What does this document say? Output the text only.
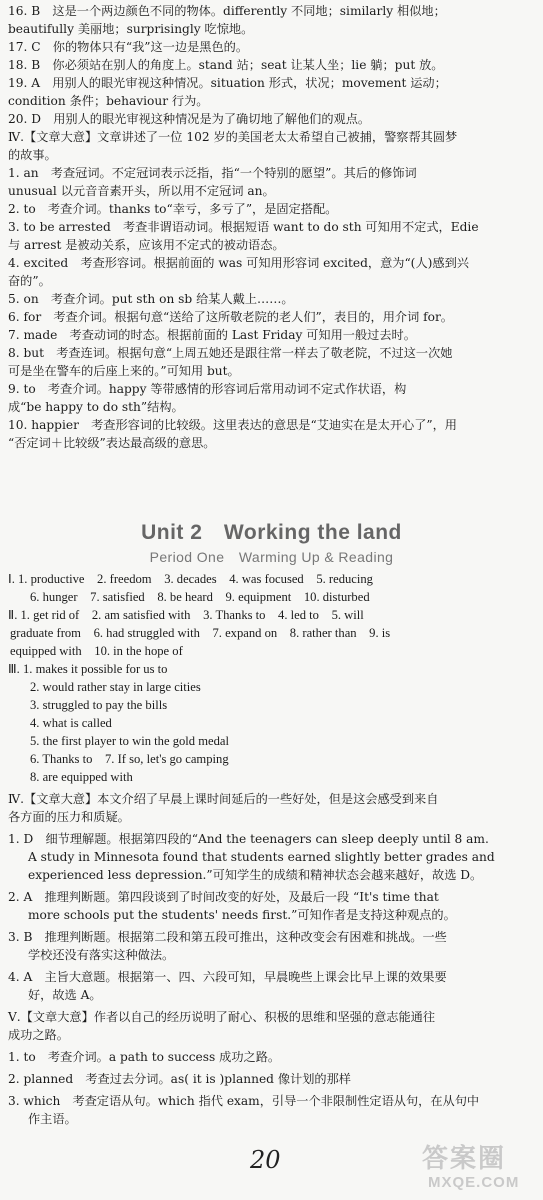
16. B　这是一个两边颜色不同的物体。differently 不同地；similarly 相似地；
beautifully 美丽地；surprisingly 吃惊地。
17. C　你的物体只有“我”这一边是黑色的。
18. B　你必须站在别人的角度上。stand 站；seat 让某人坐；lie 躺；put 放。
19. A　用别人的眼光审视这种情况。situation 形式，状况；movement 运动；
condition 条件；behaviour 行为。
20. D　用别人的眼光审视这种情况是为了确切地了解他们的观点。
Ⅳ.【文章大意】文章讲述了一位 102 岁的美国老太太希望自己被捕，警察帮其圆梦
的故事。
1. an　考查冠词。不定冠词表示泛指，指“一个特别的愿望”。其后的修饰词
unusual 以元音音素开头，所以用不定冠词 an。
2. to　考查介词。thanks to“幸亏，多亏了”，是固定搭配。
3. to be arrested　考查非谓语动词。根据短语 want to do sth 可知用不定式，Edie
与 arrest 是被动关系，应该用不定式的被动语态。
4. excited　考查形容词。根据前面的 was 可知用形容词 excited，意为“(人)感到兴
奋的”。
5. on　考查介词。put sth on sb 给某人戴上……。
6. for　考查介词。根据句意“送给了这所敬老院的老人们”，表目的，用介词 for。
7. made　考查动词的时态。根据前面的 Last Friday 可知用一般过去时。
8. but　考查连词。根据句意“上周五她还是跟往常一样去了敬老院，不过这一次她
可是坐在警车的后座上来的。”可知用 but。
9. to　考查介词。happy 等带感情的形容词后常用动词不定式作状语，构
成“be happy to do sth”结构。
10. happier　考查形容词的比较级。这里表达的意思是“艾迪实在是太开心了”，用
“否定词＋比较级”表达最高级的意思。
Unit 2　Working the land
Period One　Warming Up & Reading
Ⅰ. 1. productive　2. freedom　3. decades　4. was focused　5. reducing
6. hunger　7. satisfied　8. be heard　9. equipment　10. disturbed
Ⅱ. 1. get rid of　2. am satisfied with　3. Thanks to　4. led to　5. will
graduate from　6. had struggled with　7. expand on　8. rather than　9. is
equipped with　10. in the hope of
Ⅲ. 1. makes it possible for us to
2. would rather stay in large cities
3. struggled to pay the bills
4. what is called
5. the first player to win the gold medal
6. Thanks to　7. If so, let's go camping
8. are equipped with
Ⅳ.【文章大意】本文介绍了早晨上课时间延后的一些好处，但是这会感受到来自
各方面的压力和质疑。
1. D　细节理解题。根据第四段的“And the teenagers can sleep deeply until 8 am.
A study in Minnesota found that students earned slightly better grades and
experienced less depression.”可知学生的成绩和精神状态会越来越好，故选 D。
2. A　推理判断题。第四段谈到了时间改变的好处，及最后一段 “It's time that
more schools put the students' needs first.”可知作者是支持这种观点的。
3. B　推理判断题。根据第二段和第五段可推出，这种改变会有困难和挑战。一些
学校还没有落实这种做法。
4. A　主旨大意题。根据第一、四、六段可知，早晨晚些上课会比早上课的效果要
好，故选 A。
Ⅴ.【文章大意】作者以自己的经历说明了耐心、积极的思维和坚强的意志能通往
成功之路。
1. to　考查介词。a path to success 成功之路。
2. planned　考查过去分词。as( it is )planned 像计划的那样
3. which　考查定语从句。which 指代 exam，引导一个非限制性定语从句，在从句中
作主语。
20	答案圈
MXQE.COM
